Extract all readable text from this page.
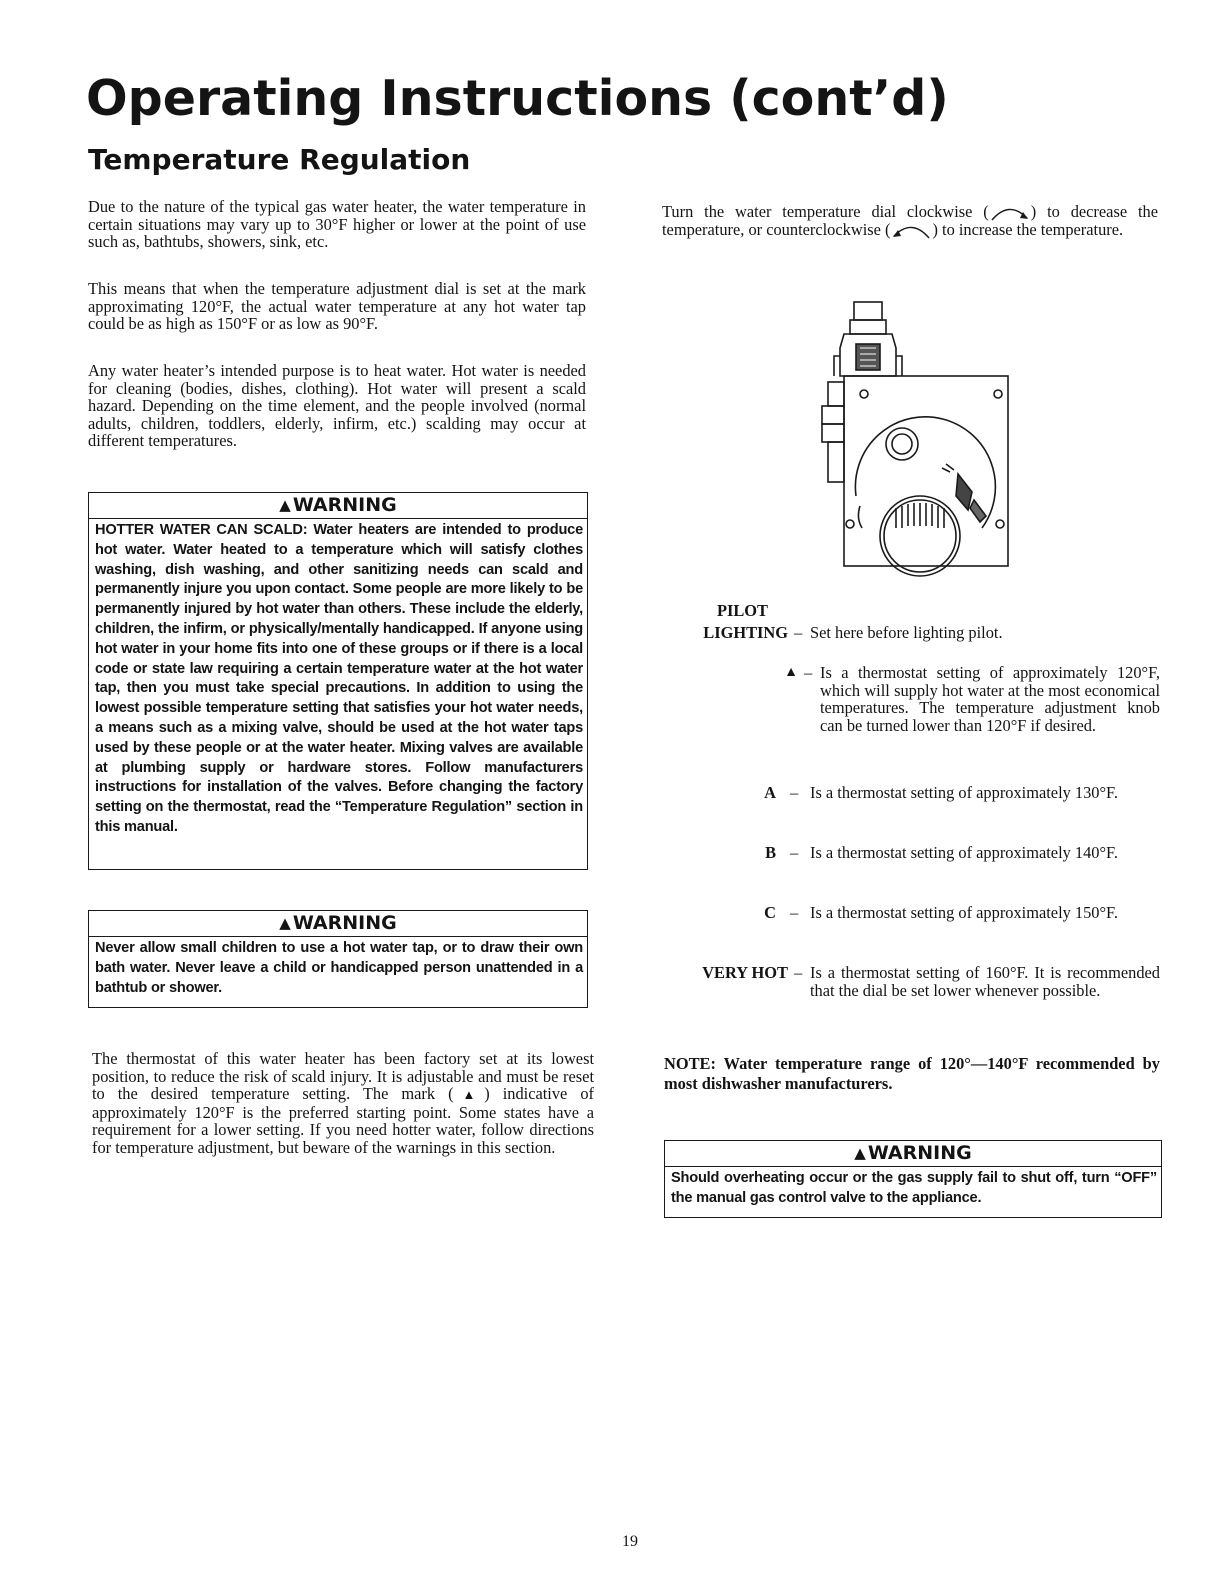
Operating Instructions (cont’d)
Temperature Regulation

Due to the nature of the typical gas water heater, the water temperature in certain situations may vary up to 30°F higher or lower at the point of use such as, bathtubs, showers, sink, etc.

This means that when the temperature adjustment dial is set at the mark approximating 120°F, the actual water temperature at any hot water tap could be as high as 150°F or as low as 90°F.

Any water heater’s intended purpose is to heat water. Hot water is needed for cleaning (bodies, dishes, clothing). Hot water will present a scald hazard. Depending on the time element, and the people involved (normal adults, children, toddlers, elderly, infirm, etc.) scalding may occur at different temperatures.

▲ WARNING
HOTTER WATER CAN SCALD: Water heaters are intended to produce hot water. Water heated to a temperature which will satisfy clothes washing, dish washing, and other sanitizing needs can scald and permanently injure you upon contact. Some people are more likely to be permanently injured by hot water than others. These include the elderly, children, the infirm, or physically/mentally handicapped. If anyone using hot water in your home fits into one of these groups or if there is a local code or state law requiring a certain temperature water at the hot water tap, then you must take special precautions. In addition to using the lowest possible temperature setting that satisfies your hot water needs, a means such as a mixing valve, should be used at the hot water taps used by these people or at the water heater. Mixing valves are available at plumbing supply or hardware stores. Follow manufacturers instructions for installation of the valves. Before changing the factory setting on the thermostat, read the “Temperature Regulation” section in this manual.
▲ WARNING
Never allow small children to use a hot water tap, or to draw their own bath water. Never leave a child or handicapped person unattended in a bathtub or shower.

The thermostat of this water heater has been factory set at its lowest position, to reduce the risk of scald injury. It is adjustable and must be reset to the desired temperature setting. The mark (▲) indicative of approximately 120°F is the preferred starting point. Some states have a requirement for a lower setting. If you need hotter water, follow directions for temperature adjustment, but beware of the warnings in this section.

Turn the water temperature dial clockwise (	) to decrease the temperature, or counterclockwise (	) to increase the temperature.

PILOT
LIGHTING – Set here before lighting pilot.
▲ – Is a thermostat setting of approximately 120°F, which will supply hot water at the most economical temperatures. The temperature adjustment knob can be turned lower than 120°F if desired.
A – Is a thermostat setting of approximately 130°F.
B – Is a thermostat setting of approximately 140°F.
C – Is a thermostat setting of approximately 150°F.
VERY HOT – Is a thermostat setting of 160°F. It is recommended that the dial be set lower whenever possible.

NOTE: Water temperature range of 120°—140°F recommended by most dishwasher manufacturers.

▲ WARNING
Should overheating occur or the gas supply fail to shut off, turn “OFF” the manual gas control valve to the appliance.
19
